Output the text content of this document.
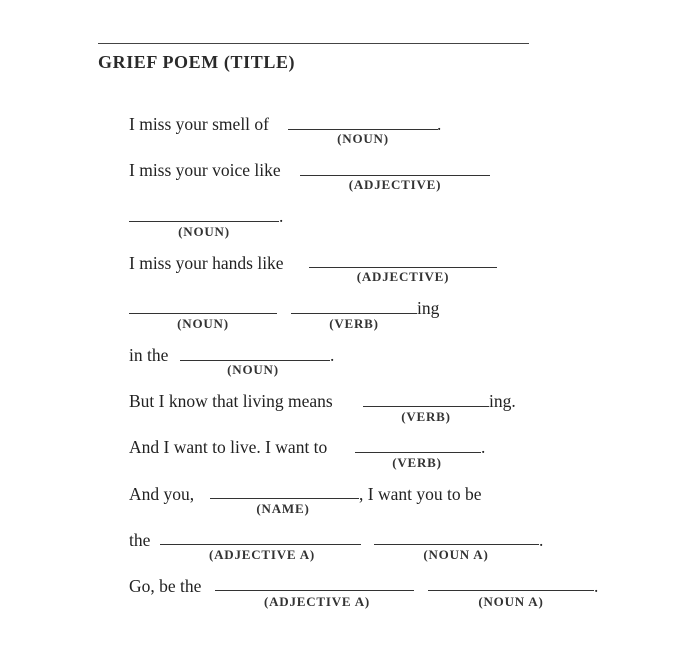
GRIEF POEM (TITLE)
I miss your smell of	.
(NOUN)
I miss your voice like
(ADJECTIVE)
.
(NOUN)
I miss your hands like
(ADJECTIVE)
ing
(NOUN)	(VERB)
in the	.
(NOUN)
But I know that living means	ing.
(VERB)
And I want to live. I want to	.
(VERB)
And you,	, I want you to be
(NAME)
the	.
(ADJECTIVE A)	(NOUN A)
Go, be the	.
(ADJECTIVE A)	(NOUN A)
